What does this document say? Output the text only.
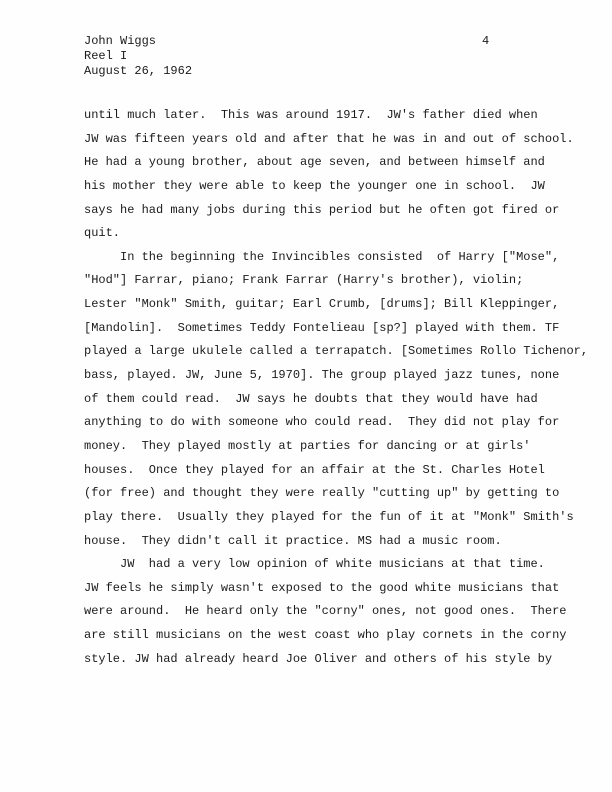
John Wiggs
Reel I
August 26, 1962
4
until much later.  This was around 1917.  JW's father died when
JW was fifteen years old and after that he was in and out of school.
He had a young brother, about age seven, and between himself and
his mother they were able to keep the younger one in school.  JW
says he had many jobs during this period but he often got fired or
quit.
In the beginning the Invincibles consisted  of Harry ["Mose",
"Hod"] Farrar, piano; Frank Farrar (Harry's brother), violin;
Lester "Monk" Smith, guitar; Earl Crumb, [drums]; Bill Kleppinger,
[Mandolin].  Sometimes Teddy Fontelieau [sp?] played with them. TF
played a large ukulele called a terrapatch. [Sometimes Rollo Tichenor,
bass, played. JW, June 5, 1970]. The group played jazz tunes, none
of them could read.  JW says he doubts that they would have had
anything to do with someone who could read.  They did not play for
money.  They played mostly at parties for dancing or at girls'
houses.  Once they played for an affair at the St. Charles Hotel
(for free) and thought they were really "cutting up" by getting to
play there.  Usually they played for the fun of it at "Monk" Smith's
house.  They didn't call it practice. MS had a music room.
JW  had a very low opinion of white musicians at that time.
JW feels he simply wasn't exposed to the good white musicians that
were around.  He heard only the "corny" ones, not good ones.  There
are still musicians on the west coast who play cornets in the corny
style. JW had already heard Joe Oliver and others of his style by
